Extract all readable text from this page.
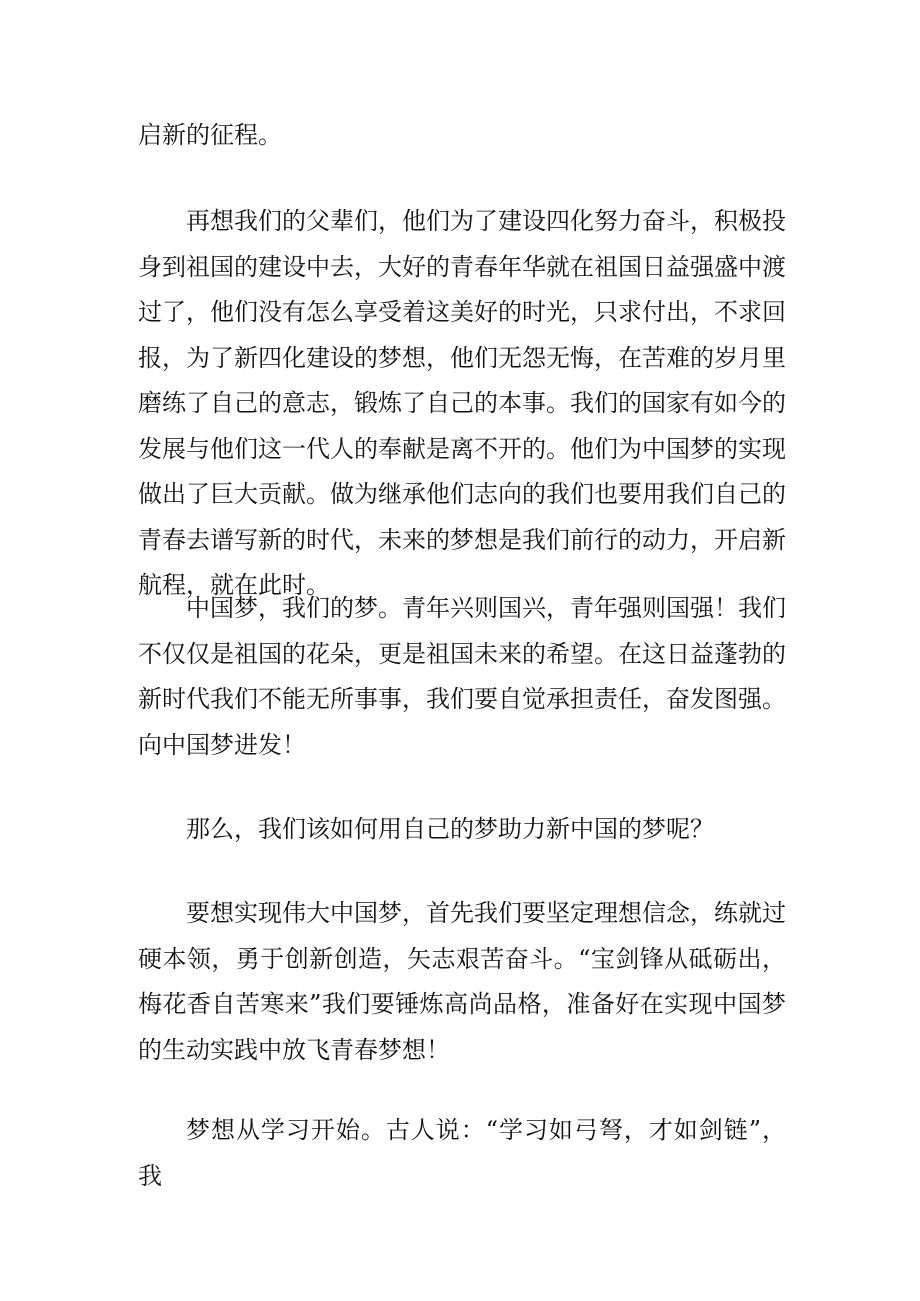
启新的征程。

再想我们的父辈们，他们为了建设四化努力奋斗，积极投身到祖国的建设中去，大好的青春年华就在祖国日益强盛中渡过了，他们没有怎么享受着这美好的时光，只求付出，不求回报，为了新四化建设的梦想，他们无怨无悔，在苦难的岁月里磨练了自己的意志，锻炼了自己的本事。我们的国家有如今的发展与他们这一代人的奉献是离不开的。他们为中国梦的实现做出了巨大贡献。做为继承他们志向的我们也要用我们自己的青春去谱写新的时代，未来的梦想是我们前行的动力，开启新航程，就在此时。

中国梦，我们的梦。青年兴则国兴，青年强则国强！我们不仅仅是祖国的花朵，更是祖国未来的希望。在这日益蓬勃的新时代我们不能无所事事，我们要自觉承担责任，奋发图强。向中国梦进发！

那么，我们该如何用自己的梦助力新中国的梦呢？

要想实现伟大中国梦，首先我们要坚定理想信念，练就过硬本领，勇于创新创造，矢志艰苦奋斗。“宝剑锋从砥砺出，梅花香自苦寒来”我们要锤炼高尚品格，准备好在实现中国梦的生动实践中放飞青春梦想！

梦想从学习开始。古人说：“学习如弓弩，才如剑链”，我
